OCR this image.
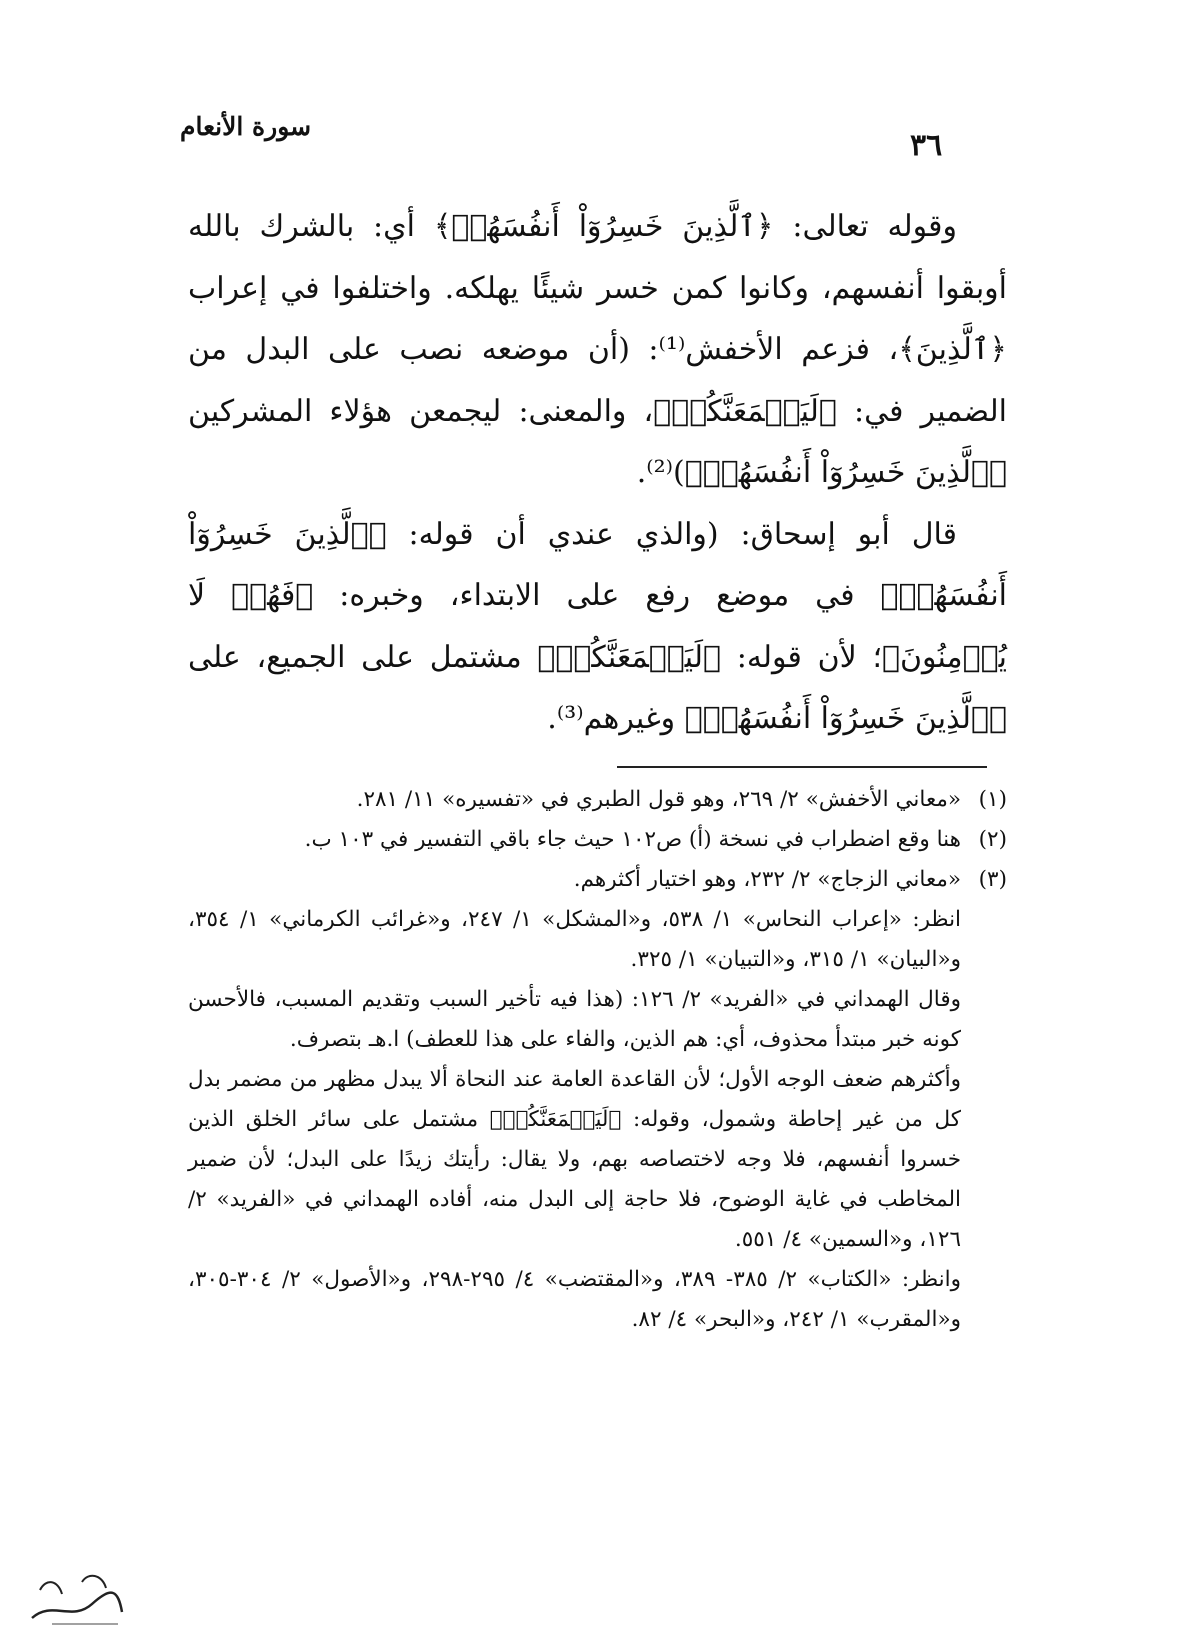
سورة الأنعام
٣٦

وقوله تعالى: ﴿ٱلَّذِينَ خَسِرُوٓاْ أَنفُسَهُمۡ﴾ أي: بالشرك بالله أوبقوا أنفسهم، وكانوا كمن خسر شيئًا يهلكه. واختلفوا في إعراب ﴿ٱلَّذِينَ﴾، فزعم الأخفش⁽¹⁾: (أن موضعه نصب على البدل من الضمير في: ﴿لَيَجۡمَعَنَّكُمۡ﴾، والمعنى: ليجمعن هؤلاء المشركين ﴿ٱلَّذِينَ خَسِرُوٓاْ أَنفُسَهُمۡ﴾)⁽²⁾.

قال أبو إسحاق: (والذي عندي أن قوله: ﴿ٱلَّذِينَ خَسِرُوٓاْ أَنفُسَهُمۡ﴾ في موضع رفع على الابتداء، وخبره: ﴿فَهُمۡ لَا يُؤۡمِنُونَ﴾؛ لأن قوله: ﴿لَيَجۡمَعَنَّكُمۡ﴾ مشتمل على الجميع، على ﴿ٱلَّذِينَ خَسِرُوٓاْ أَنفُسَهُمۡ﴾ وغيرهم⁽³⁾.

(١)
«معاني الأخفش» ٢/ ٢٦٩، وهو قول الطبري في «تفسيره» ١١/ ٢٨١.
(٢)
هنا وقع اضطراب في نسخة (أ) ص١٠٢ حيث جاء باقي التفسير في ١٠٣ ب.
(٣)
«معاني الزجاج» ٢/ ٢٣٢، وهو اختيار أكثرهم.

انظر: «إعراب النحاس» ١/ ٥٣٨، و«المشكل» ١/ ٢٤٧، و«غرائب الكرماني» ١/ ٣٥٤، و«البيان» ١/ ٣١٥، و«التبيان» ١/ ٣٢٥.

وقال الهمداني في «الفريد» ٢/ ١٢٦: (هذا فيه تأخير السبب وتقديم المسبب، فالأحسن كونه خبر مبتدأ محذوف، أي: هم الذين، والفاء على هذا للعطف) ا.هـ بتصرف.

وأكثرهم ضعف الوجه الأول؛ لأن القاعدة العامة عند النحاة ألا يبدل مظهر من مضمر بدل كل من غير إحاطة وشمول، وقوله: ﴿لَيَجۡمَعَنَّكُمۡ﴾ مشتمل على سائر الخلق الذين خسروا أنفسهم، فلا وجه لاختصاصه بهم، ولا يقال: رأيتك زيدًا على البدل؛ لأن ضمير المخاطب في غاية الوضوح، فلا حاجة إلى البدل منه، أفاده الهمداني في «الفريد» ٢/ ١٢٦، و«السمين» ٤/ ٥٥١.

وانظر: «الكتاب» ٢/ ٣٨٥- ٣٨٩، و«المقتضب» ٤/ ٢٩٥-٢٩٨، و«الأصول» ٢/ ٣٠٤-٣٠٥، و«المقرب» ١/ ٢٤٢، و«البحر» ٤/ ٨٢.
